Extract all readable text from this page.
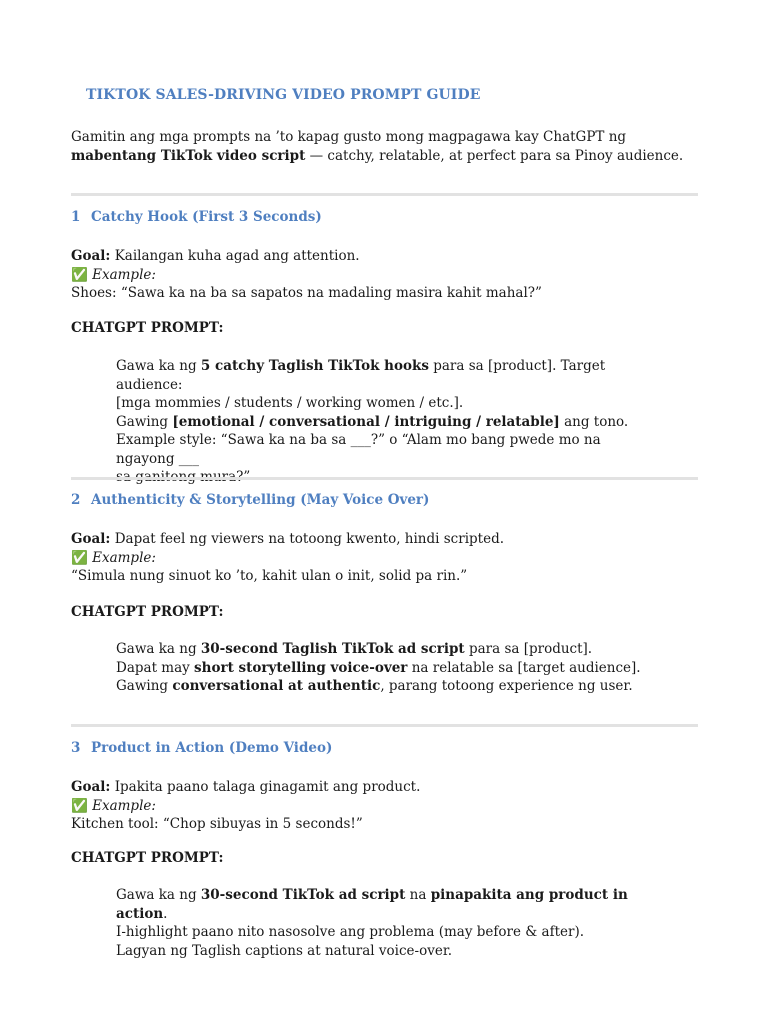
TIKTOK SALES-DRIVING VIDEO PROMPT GUIDE
Gamitin ang mga prompts na ’to kapag gusto mong magpagawa kay ChatGPT ng mabentang TikTok video script — catchy, relatable, at perfect para sa Pinoy audience.
1 Catchy Hook (First 3 Seconds)
Goal: Kailangan kuha agad ang attention.
✅ Example:
Shoes: “Sawa ka na ba sa sapatos na madaling masira kahit mahal?”
CHATGPT PROMPT:
Gawa ka ng 5 catchy Taglish TikTok hooks para sa [product]. Target audience:
[mga mommies / students / working women / etc.].
Gawing [emotional / conversational / intriguing / relatable] ang tono.
Example style: “Sawa ka na ba sa ___?” o “Alam mo bang pwede mo na ngayong ___
2 Authenticity & Storytelling (May Voice Over)
Goal: Dapat feel ng viewers na totoong kwento, hindi scripted.
✅ Example:
“Simula nung sinuot ko ’to, kahit ulan o init, solid pa rin.”
CHATGPT PROMPT:
Gawa ka ng 30-second Taglish TikTok ad script para sa [product].
Dapat may short storytelling voice-over na relatable sa [target audience].
Gawing conversational at authentic, parang totoong experience ng user.
3 Product in Action (Demo Video)
Goal: Ipakita paano talaga ginagamit ang product.
✅ Example:
Kitchen tool: “Chop sibuyas in 5 seconds!”
CHATGPT PROMPT:
Gawa ka ng 30-second TikTok ad script na pinapakita ang product in action.
I-highlight paano nito nasosolve ang problema (may before & after).
Lagyan ng Taglish captions at natural voice-over.
